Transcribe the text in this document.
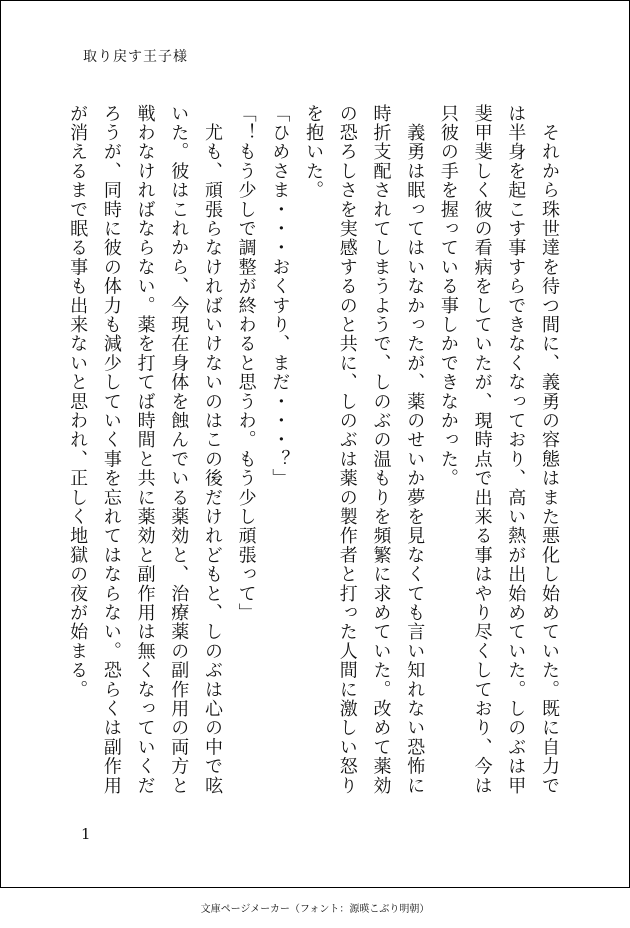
取り戻す王子様

　それから珠世達を待つ間に、義勇の容態はまた悪化し始めていた。既に自力で

は半身を起こす事すらできなくなっており、高い熱が出始めていた。しのぶは甲

斐甲斐しく彼の看病をしていたが、現時点で出来る事はやり尽くしており、今は

只彼の手を握っている事しかできなかった。

　義勇は眠ってはいなかったが、薬のせいか夢を見なくても言い知れない恐怖に

時折支配されてしまうようで、しのぶの温もりを頻繁に求めていた。改めて薬効

の恐ろしさを実感するのと共に、しのぶは薬の製作者と打った人間に激しい怒り

を抱いた。

「ひめさま・・・おくすり、まだ・・・？」

「！もう少しで調整が終わると思うわ。もう少し頑張って」

　尤も、頑張らなければいけないのはこの後だけれどもと、しのぶは心の中で呟

いた。彼はこれから、今現在身体を蝕んでいる薬効と、治療薬の副作用の両方と

戦わなければならない。薬を打てば時間と共に薬効と副作用は無くなっていくだ

ろうが、同時に彼の体力も減少していく事を忘れてはならない。恐らくは副作用

が消えるまで眠る事も出来ないと思われ、正しく地獄の夜が始まる。

1
文庫ページメーカー（フォント：源暎こぶり明朝）
